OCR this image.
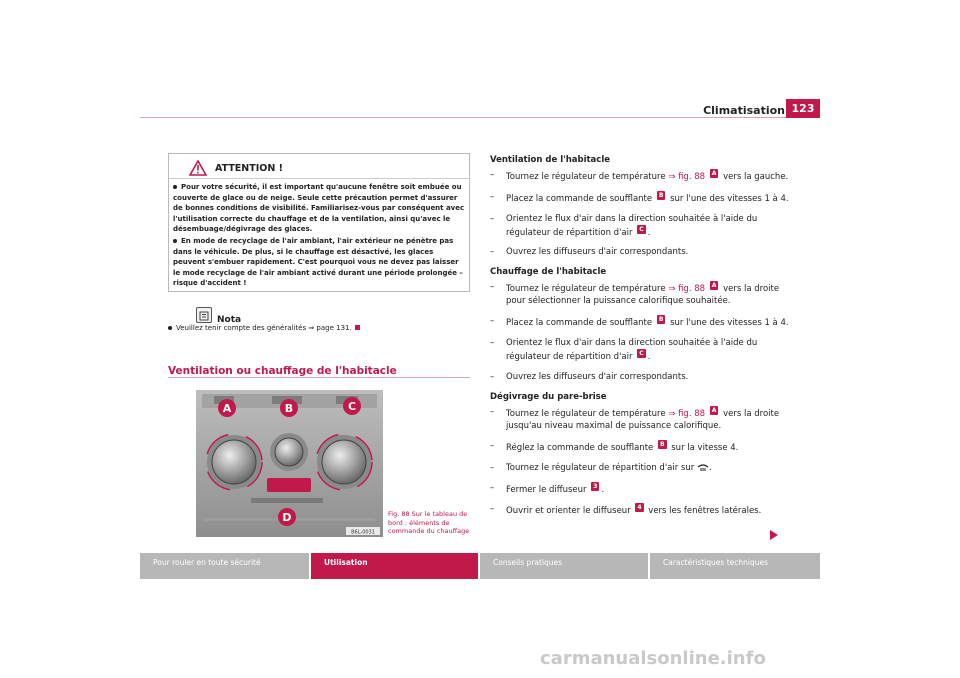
Climatisation 123
ATTENTION !
Pour votre sécurité, il est important qu'aucune fenêtre soit embuée ou couverte de glace ou de neige. Seule cette précaution permet d'assurer de bonnes conditions de visibilité. Familiarisez-vous par conséquent avec l'utilisation correcte du chauffage et de la ventilation, ainsi qu'avec le désembuage/dégivrage des glaces.
En mode de recyclage de l'air ambiant, l'air extérieur ne pénètre pas dans le véhicule. De plus, si le chauffage est désactivé, les glaces peuvent s'embuer rapidement. C'est pourquoi vous ne devez pas laisser le mode recyclage de l'air ambiant activé durant une période prolongée – risque d'accident !
Nota
Veuillez tenir compte des généralités ⇒ page 131.
Ventilation ou chauffage de l'habitacle
A	B	C
D
B6L-0031
Fig. 88 Sur le tableau de bord : éléments de commande du chauffage
Ventilation de l'habitacle
– Tournez le régulateur de température ⇒ fig. 88 A vers la gauche.
– Placez la commande de soufflante B sur l'une des vitesses 1 à 4.
– Orientez le flux d'air dans la direction souhaitée à l'aide du régulateur de répartition d'air C .
– Ouvrez les diffuseurs d'air correspondants.
Chauffage de l'habitacle
– Tournez le régulateur de température ⇒ fig. 88 A vers la droite pour sélectionner la puissance calorifique souhaitée.
– Placez la commande de soufflante B sur l'une des vitesses 1 à 4.
– Orientez le flux d'air dans la direction souhaitée à l'aide du régulateur de répartition d'air C .
– Ouvrez les diffuseurs d'air correspondants.
Dégivrage du pare-brise
– Tournez le régulateur de température ⇒ fig. 88 A vers la droite jusqu'au niveau maximal de puissance calorifique.
– Réglez la commande de soufflante B sur la vitesse 4.
– Tournez le régulateur de répartition d'air sur .
– Fermer le diffuseur 3 .
– Ouvrir et orienter le diffuseur 4 vers les fenêtres latérales.
Pour rouler en toute sécurité	Utilisation	Conseils pratiques	Caractéristiques techniques
carmanualsonline.info
